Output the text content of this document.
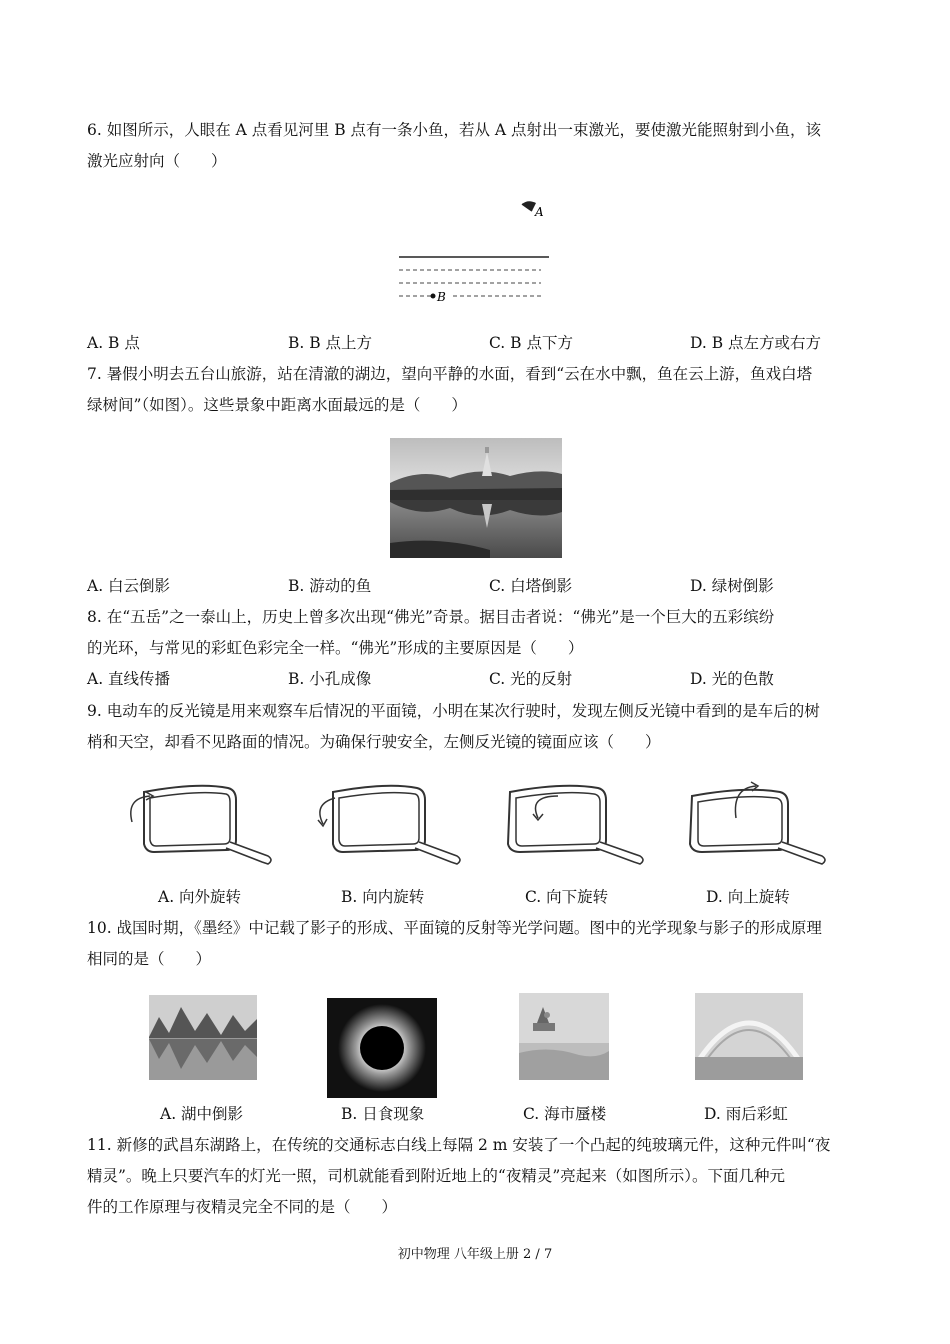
6. 如图所示，人眼在 A 点看见河里 B 点有一条小鱼，若从 A 点射出一束激光，要使激光能照射到小鱼，该
激光应射向（　　）
A
B
A. B 点	B. B 点上方	C. B 点下方	D. B 点左方或右方
7. 暑假小明去五台山旅游，站在清澈的湖边，望向平静的水面，看到“云在水中飘，鱼在云上游，鱼戏白塔
绿树间”（如图）。这些景象中距离水面最远的是（　　）
A. 白云倒影	B. 游动的鱼	C. 白塔倒影	D. 绿树倒影
8. 在“五岳”之一泰山上，历史上曾多次出现“佛光”奇景。据目击者说：“佛光”是一个巨大的五彩缤纷
的光环，与常见的彩虹色彩完全一样。“佛光”形成的主要原因是（　　）
A. 直线传播	B. 小孔成像	C. 光的反射	D. 光的色散
9. 电动车的反光镜是用来观察车后情况的平面镜，小明在某次行驶时，发现左侧反光镜中看到的是车后的树
梢和天空，却看不见路面的情况。为确保行驶安全，左侧反光镜的镜面应该（　　）
A. 向外旋转	B. 向内旋转	C. 向下旋转	D. 向上旋转
10. 战国时期，《墨经》中记载了影子的形成、平面镜的反射等光学问题。图中的光学现象与影子的形成原理
相同的是（　　）
A. 湖中倒影	B. 日食现象	C. 海市蜃楼	D. 雨后彩虹
11. 新修的武昌东湖路上，在传统的交通标志白线上每隔 2 m 安装了一个凸起的纯玻璃元件，这种元件叫“夜
精灵”。晚上只要汽车的灯光一照，司机就能看到附近地上的“夜精灵”亮起来（如图所示）。下面几种元
件的工作原理与夜精灵完全不同的是（　　）
初中物理 八年级上册 2 / 7
